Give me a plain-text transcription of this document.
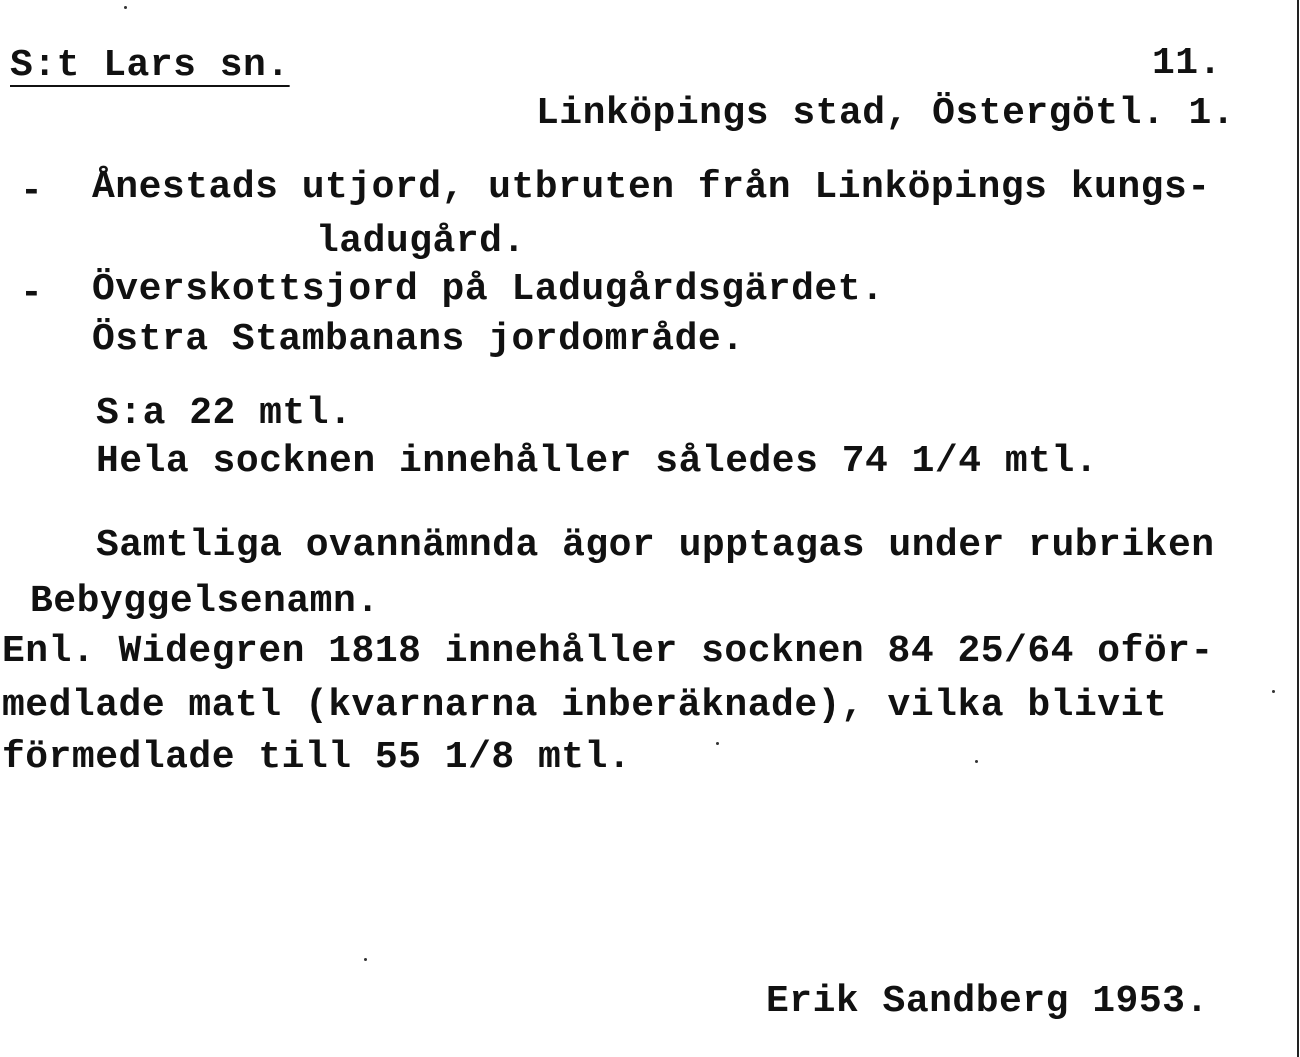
S:t Lars sn.	11.
Linköpings stad, Östergötl. 1.
- Ånestads utjord, utbruten från Linköpings kungs-
ladugård.
- Överskottsjord på Ladugårdsgärdet.
Östra Stambanans jordområde.
S:a 22 mtl.
Hela socknen innehåller således 74 1/4 mtl.
Samtliga ovannämnda ägor upptagas under rubriken
Bebyggelsenamn.
Enl. Widegren 1818 innehåller socknen 84 25/64 oför-
medlade matl (kvarnarna inberäknade), vilka blivit
förmedlade till 55 1/8 mtl.
Erik Sandberg 1953.
